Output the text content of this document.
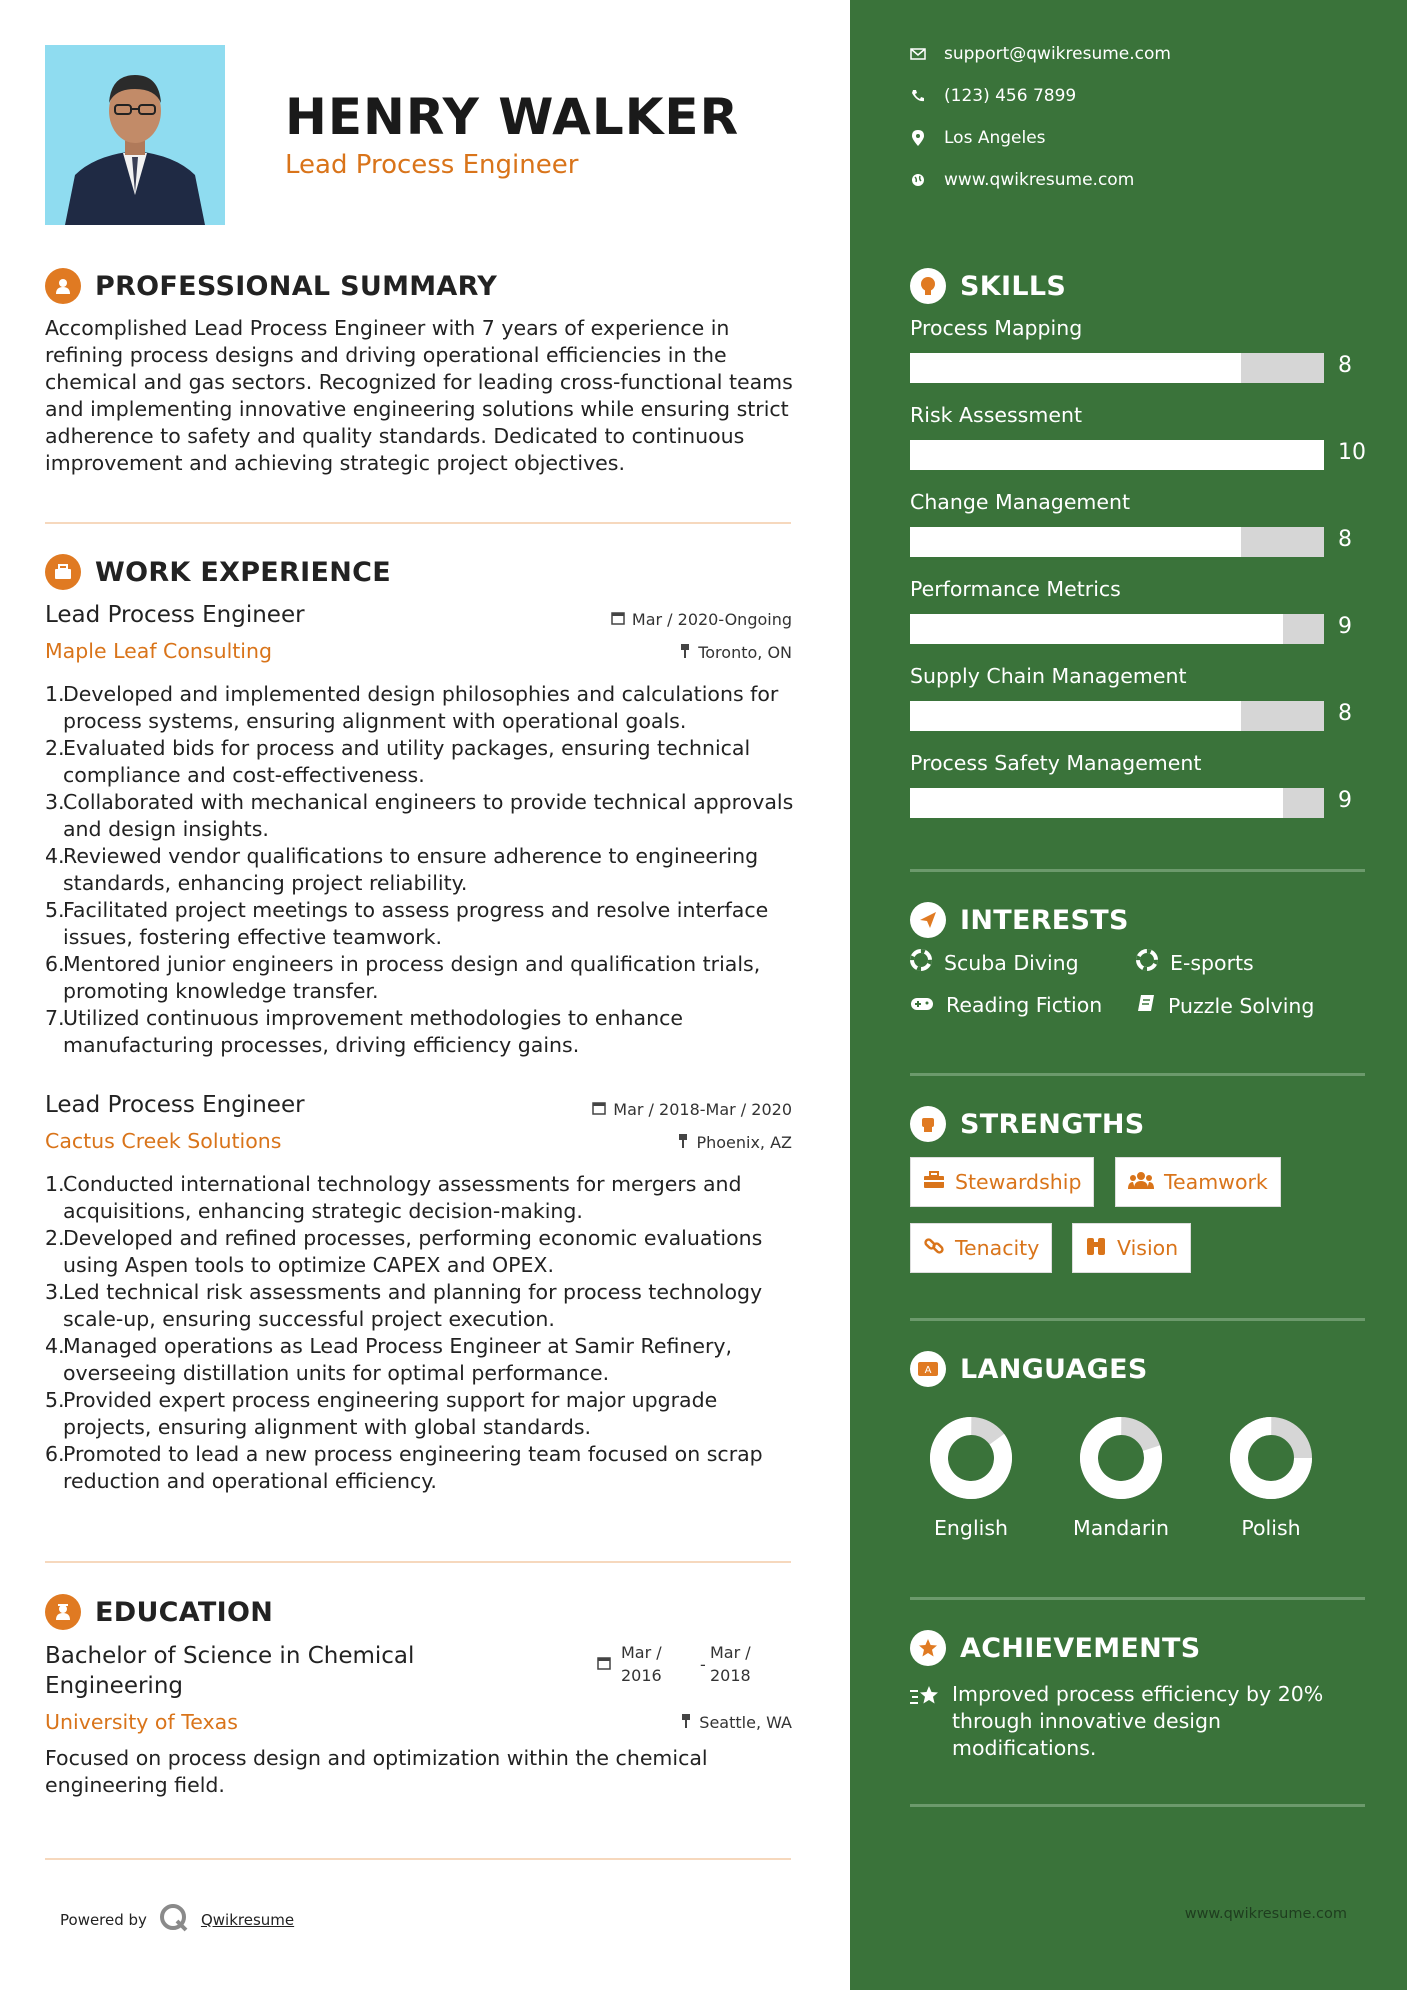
HENRY WALKER
Lead Process Engineer
PROFESSIONAL SUMMARY
Accomplished Lead Process Engineer with 7 years of experience in refining process designs and driving operational efficiencies in the chemical and gas sectors. Recognized for leading cross-functional teams and implementing innovative engineering solutions while ensuring strict adherence to safety and quality standards. Dedicated to continuous improvement and achieving strategic project objectives.
WORK EXPERIENCE
Lead Process Engineer	Mar / 2020-Ongoing
Maple Leaf Consulting	Toronto, ON
1.
Developed and implemented design philosophies and calculations for process systems, ensuring alignment with operational goals.
2.
Evaluated bids for process and utility packages, ensuring technical compliance and cost-effectiveness.
3.
Collaborated with mechanical engineers to provide technical approvals and design insights.
4.
Reviewed vendor qualifications to ensure adherence to engineering standards, enhancing project reliability.
5.
Facilitated project meetings to assess progress and resolve interface issues, fostering effective teamwork.
6.
Mentored junior engineers in process design and qualification trials, promoting knowledge transfer.
7.
Utilized continuous improvement methodologies to enhance manufacturing processes, driving efficiency gains.
Lead Process Engineer	Mar / 2018-Mar / 2020
Cactus Creek Solutions	Phoenix, AZ
1.
Conducted international technology assessments for mergers and acquisitions, enhancing strategic decision-making.
2.
Developed and refined processes, performing economic evaluations using Aspen tools to optimize CAPEX and OPEX.
3.
Led technical risk assessments and planning for process technology scale-up, ensuring successful project execution.
4.
Managed operations as Lead Process Engineer at Samir Refinery, overseeing distillation units for optimal performance.
5.
Provided expert process engineering support for major upgrade projects, ensuring alignment with global standards.
6.
Promoted to lead a new process engineering team focused on scrap reduction and operational efficiency.
EDUCATION
Bachelor of Science in Chemical
Engineering
Mar /
2016
-
Mar /
2018
University of Texas	Seattle, WA
Focused on process design and optimization within the chemical engineering field.
Powered by	Qwikresume
support@qwikresume.com
(123) 456 7899
Los Angeles
www.qwikresume.com
SKILLS
Process Mapping
8
Risk Assessment
10
Change Management
8
Performance Metrics
9
Supply Chain Management
8
Process Safety Management
9
INTERESTS
Scuba Diving	E-sports
Reading Fiction	Puzzle Solving
STRENGTHS
Stewardship	Teamwork
Tenacity	Vision
A LANGUAGES
English	Mandarin	Polish
ACHIEVEMENTS
Improved process efficiency by 20% through innovative design modifications.
www.qwikresume.com
